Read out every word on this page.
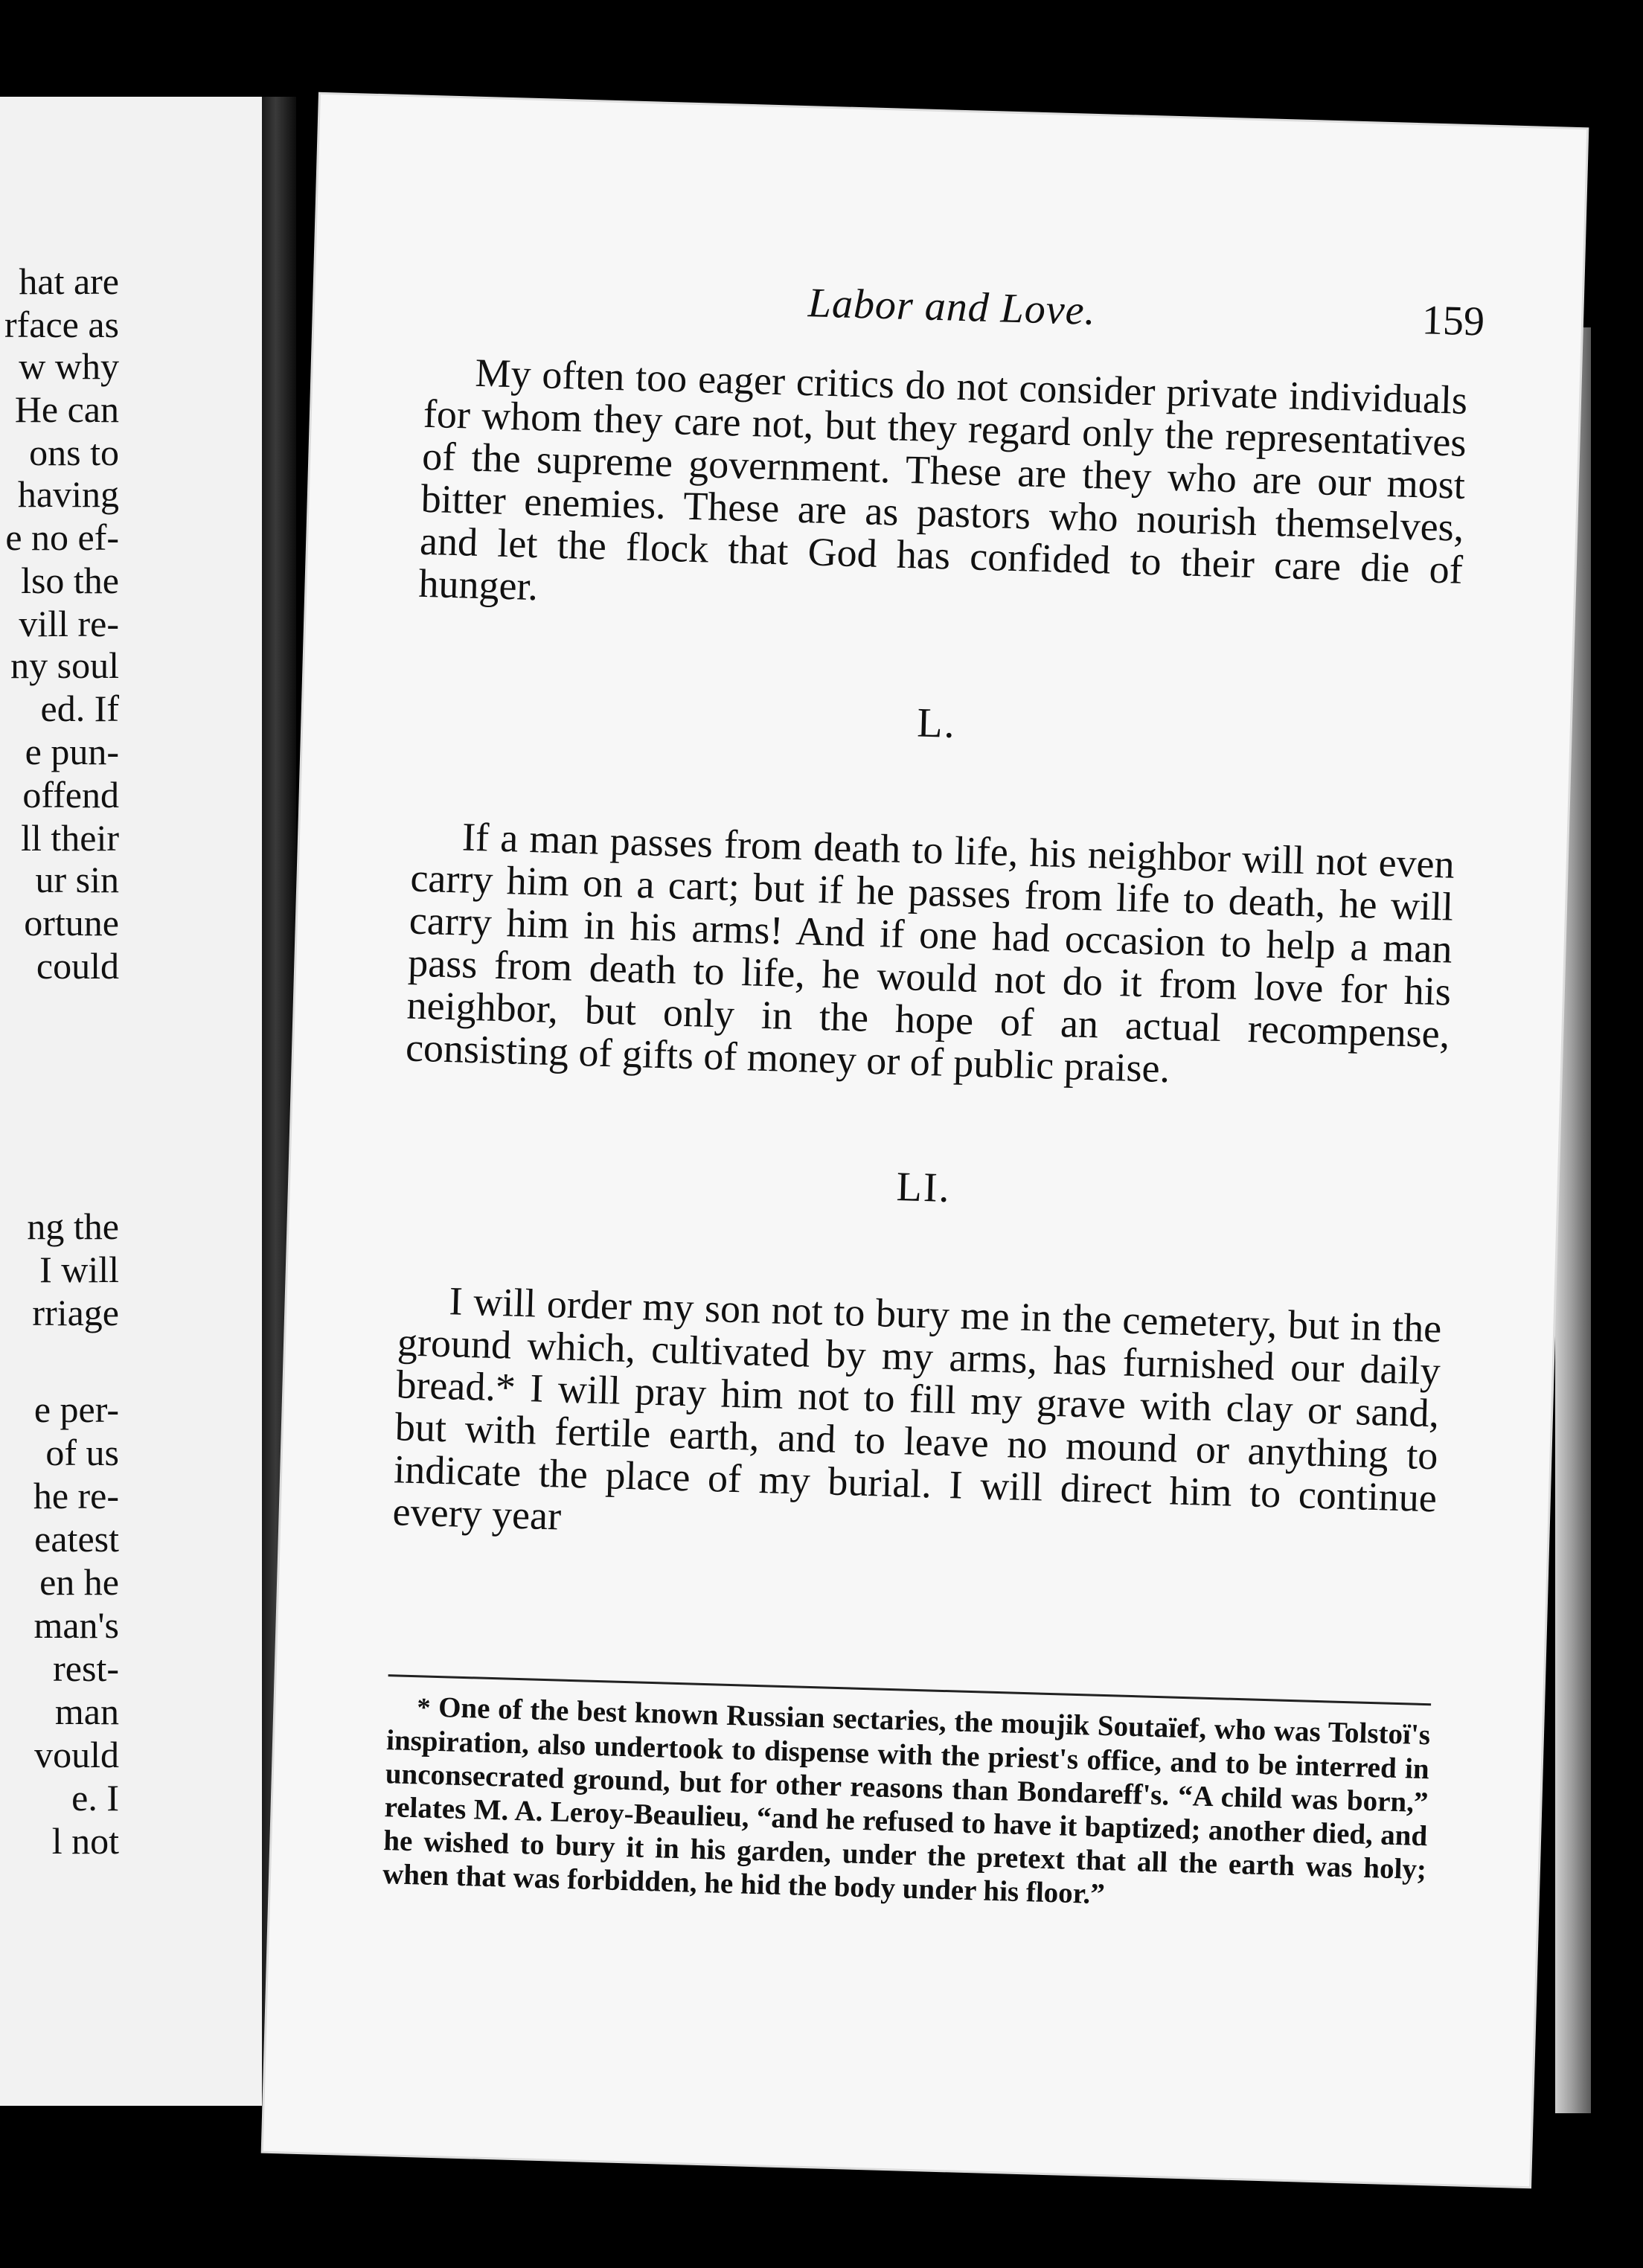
hat are
rface as
w why
He can
ons to
having
e no ef-
lso the
vill re-
ny soul
ed. If
e pun-
offend
ll their
ur sin
ortune
could
ng the
I will
rriage
e per-
of us
he re-
eatest
en he
man's
rest-
man
vould
e. I
l not
Labor and Love.	159

My often too eager critics do not consider private individuals for whom they care not, but they regard only the representatives of the supreme government. These are they who are our most bitter enemies. These are as pastors who nourish themselves, and let the flock that God has confided to their care die of hunger.

L.

If a man passes from death to life, his neighbor will not even carry him on a cart; but if he passes from life to death, he will carry him in his arms! And if one had occasion to help a man pass from death to life, he would not do it from love for his neighbor, but only in the hope of an actual recompense, consisting of gifts of money or of public praise.

LI.

I will order my son not to bury me in the cemetery, but in the ground which, cultivated by my arms, has furnished our daily bread.* I will pray him not to fill my grave with clay or sand, but with fertile earth, and to leave no mound or anything to indicate the place of my burial. I will direct him to continue every year

* One of the best known Russian sectaries, the moujik Soutaïef, who was Tolstoï's inspiration, also undertook to dispense with the priest's office, and to be interred in unconsecrated ground, but for other reasons than Bondareff's. “A child was born,” relates M. A. Leroy-Beaulieu, “and he refused to have it baptized; another died, and he wished to bury it in his garden, under the pretext that all the earth was holy; when that was forbidden, he hid the body under his floor.”
